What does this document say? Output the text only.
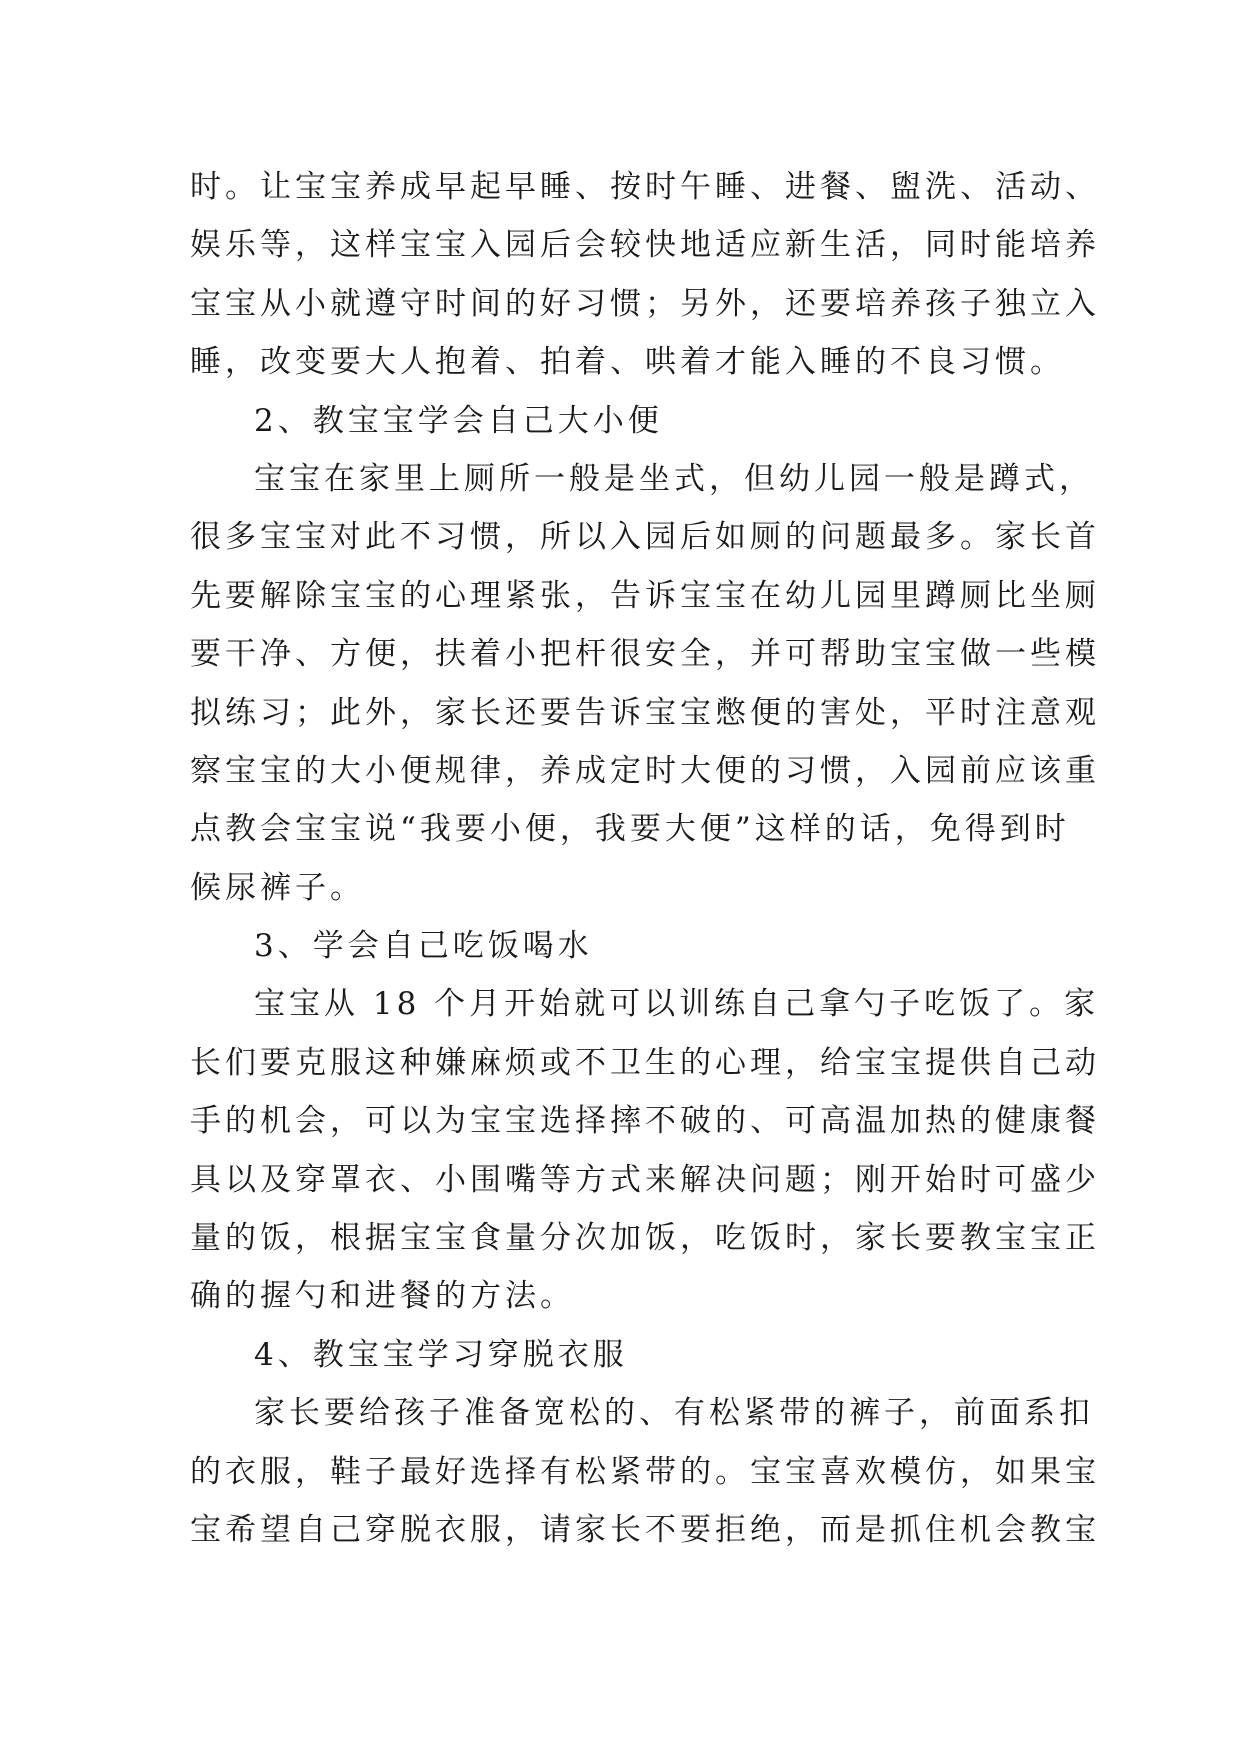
时。让宝宝养成早起早睡、按时午睡、进餐、盥洗、活动、
娱乐等，这样宝宝入园后会较快地适应新生活，同时能培养
宝宝从小就遵守时间的好习惯；另外，还要培养孩子独立入
睡，改变要大人抱着、拍着、哄着才能入睡的不良习惯。
2、教宝宝学会自己大小便
宝宝在家里上厕所一般是坐式，但幼儿园一般是蹲式，
很多宝宝对此不习惯，所以入园后如厕的问题最多。家长首
先要解除宝宝的心理紧张，告诉宝宝在幼儿园里蹲厕比坐厕
要干净、方便，扶着小把杆很安全，并可帮助宝宝做一些模
拟练习；此外，家长还要告诉宝宝憋便的害处，平时注意观
察宝宝的大小便规律，养成定时大便的习惯，入园前应该重
点教会宝宝说“我要小便，我要大便”这样的话，免得到时
候尿裤子。
3、学会自己吃饭喝水
宝宝从 18 个月开始就可以训练自己拿勺子吃饭了。家
长们要克服这种嫌麻烦或不卫生的心理，给宝宝提供自己动
手的机会，可以为宝宝选择摔不破的、可高温加热的健康餐
具以及穿罩衣、小围嘴等方式来解决问题；刚开始时可盛少
量的饭，根据宝宝食量分次加饭，吃饭时，家长要教宝宝正
确的握勺和进餐的方法。
4、教宝宝学习穿脱衣服
家长要给孩子准备宽松的、有松紧带的裤子，前面系扣
的衣服，鞋子最好选择有松紧带的。宝宝喜欢模仿，如果宝
宝希望自己穿脱衣服，请家长不要拒绝，而是抓住机会教宝
